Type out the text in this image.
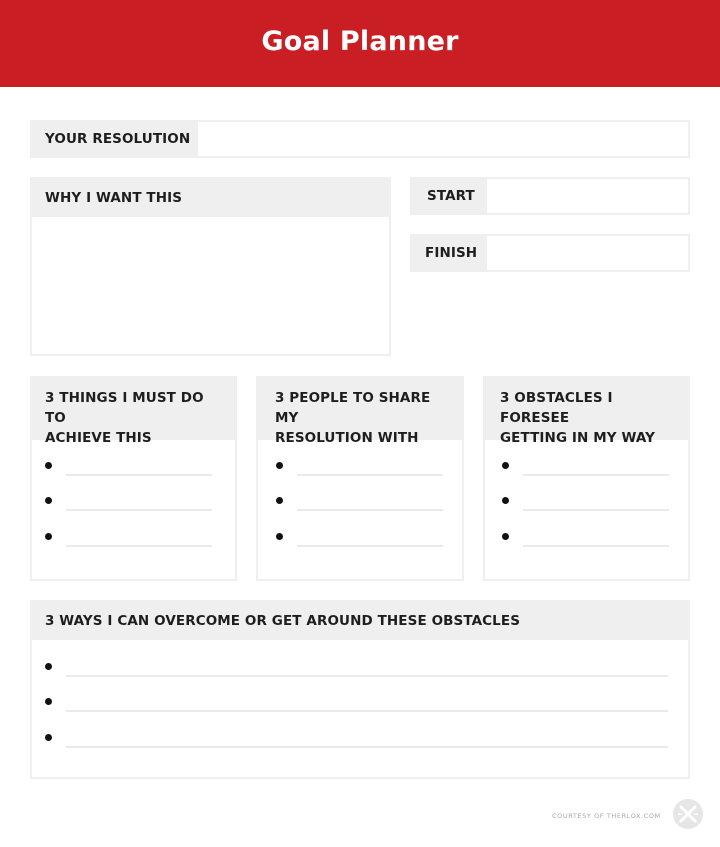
Goal Planner
YOUR RESOLUTION
WHY I WANT THIS	START
FINISH
3 THINGS I MUST DO TO
ACHIEVE THIS
3 PEOPLE TO SHARE MY
RESOLUTION WITH
3 OBSTACLES I FORESEE
GETTING IN MY WAY
3 WAYS I CAN OVERCOME OR GET AROUND THESE OBSTACLES
COURTESY OF THERLOX.COM
